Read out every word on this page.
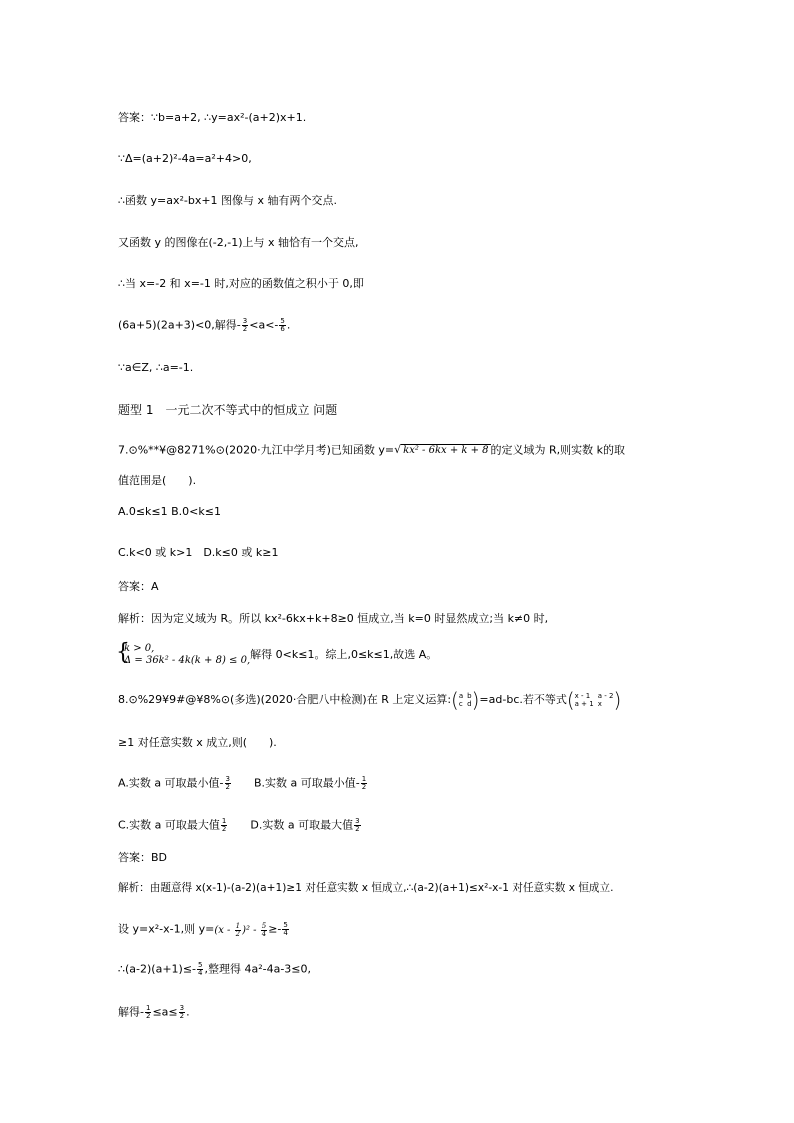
答案：∵b=a+2, ∴y=ax²-(a+2)x+1.
∵Δ=(a+2)²-4a=a²+4>0,
∴函数 y=ax²-bx+1 图像与 x 轴有两个交点.
又函数 y 的图像在(-2,-1)上与 x 轴恰有一个交点,
∴当 x=-2 和 x=-1 时,对应的函数值之积小于 0,即
(6a+5)(2a+3)<0,解得- $\frac{3}{2} <a<- \frac{5}{6}$ .
∵a∈Z, ∴a=-1.
题型 1　一元二次不等式中的恒成立 问题
7.⊙%**¥@8271%⊙(2020·九江中学月考)已知函数 y=√ kx² - 6kx + k + 8 的定义域为 R,则实数 k的取
值范围是(　　).
A.0≤k≤1 B.0<k≤1
C.k<0 或 k>1　D.k≤0 或 k≥1
答案：A
解析：因为定义域为 R。所以 kx²-6kx+k+8≥0 恒成立,当 k=0 时显然成立;当 k≠0 时,
{
k > 0,
Δ = 36k² - 4k(k + 8) ≤ 0, 解得 0<k≤1。综上,0≤k≤1,故选 A。
8.⊙%29¥9#@¥8%⊙(多选)(2020·合肥八中检测)在 R 上定义运算: ( a b
c d ) =ad-bc.若不等式 ( x - 1	a - 2
a + 1 x )
≥1 对任意实数 x 成立,则(　　).
A.实数 a 可取最小值- $\frac{3}{2} B$.实数 a 可取最小值- $\frac{1}{2}$
C.实数 a 可取最大值 $\frac{1}{2} D$.实数 a 可取最大值 $\frac{3}{2}$
答案：BD
解析：由题意得 x(x-1)-(a-2)(a+1)≥1 对任意实数 x 恒成立,∴(a-2)(a+1)≤x²-x-1 对任意实数 x 恒成立.
设 y=x²-x-1,则 $y=(x - \frac{1}{2} )^2 - \frac{5}{4} \ge- \frac{5}{4}$
∴(a-2)(a+1)≤- $\frac{5}{4}$ ,整理得 4a²-4a-3≤0,
解得- $\frac{1}{2} \le a\le \frac{3}{2}$ .
